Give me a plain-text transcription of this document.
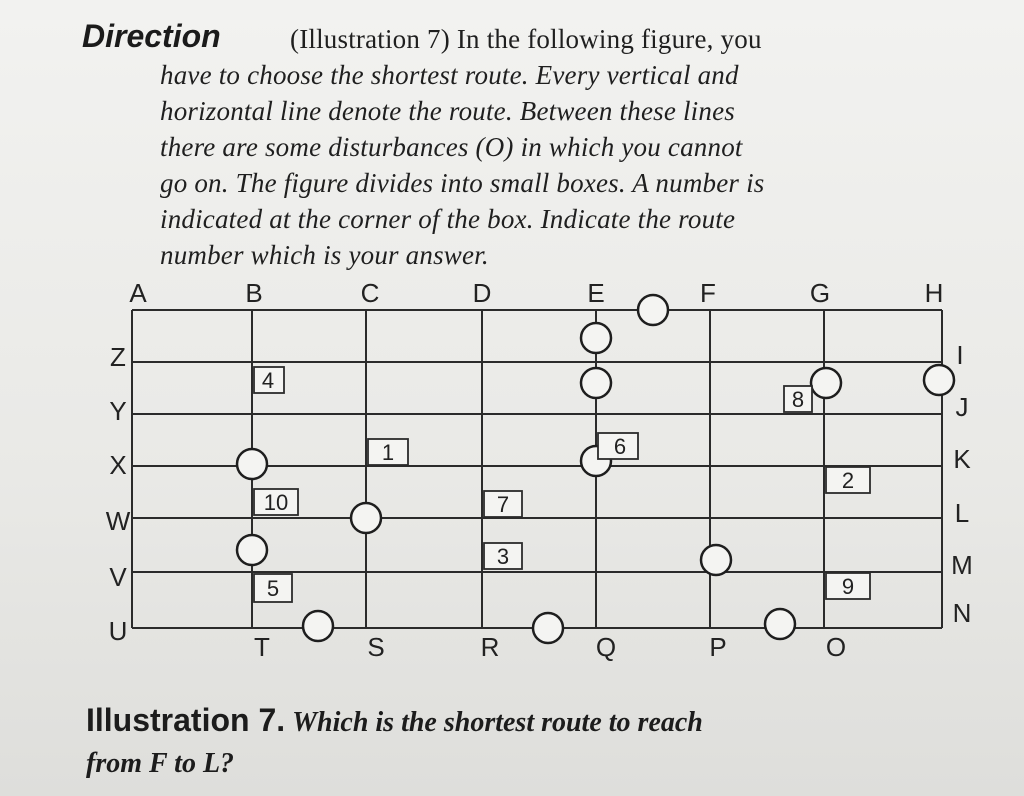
Direction	(Illustration 7) In the following figure, you
have to choose the shortest route. Every vertical and
horizontal line denote the route. Between these lines
there are some disturbances (O) in which you cannot
go on. The figure divides into small boxes. A number is
indicated at the corner of the box. Indicate the route
number which is your answer.
4
8
1	6
2
10	7
3
9
5
A	B	C	D	E	F	G	H
Z
Y
X
W
V
U
I
J
K
L
M
N
T	S	R	Q	P	O
Illustration 7. Which is the shortest route to reach
from F to L?
